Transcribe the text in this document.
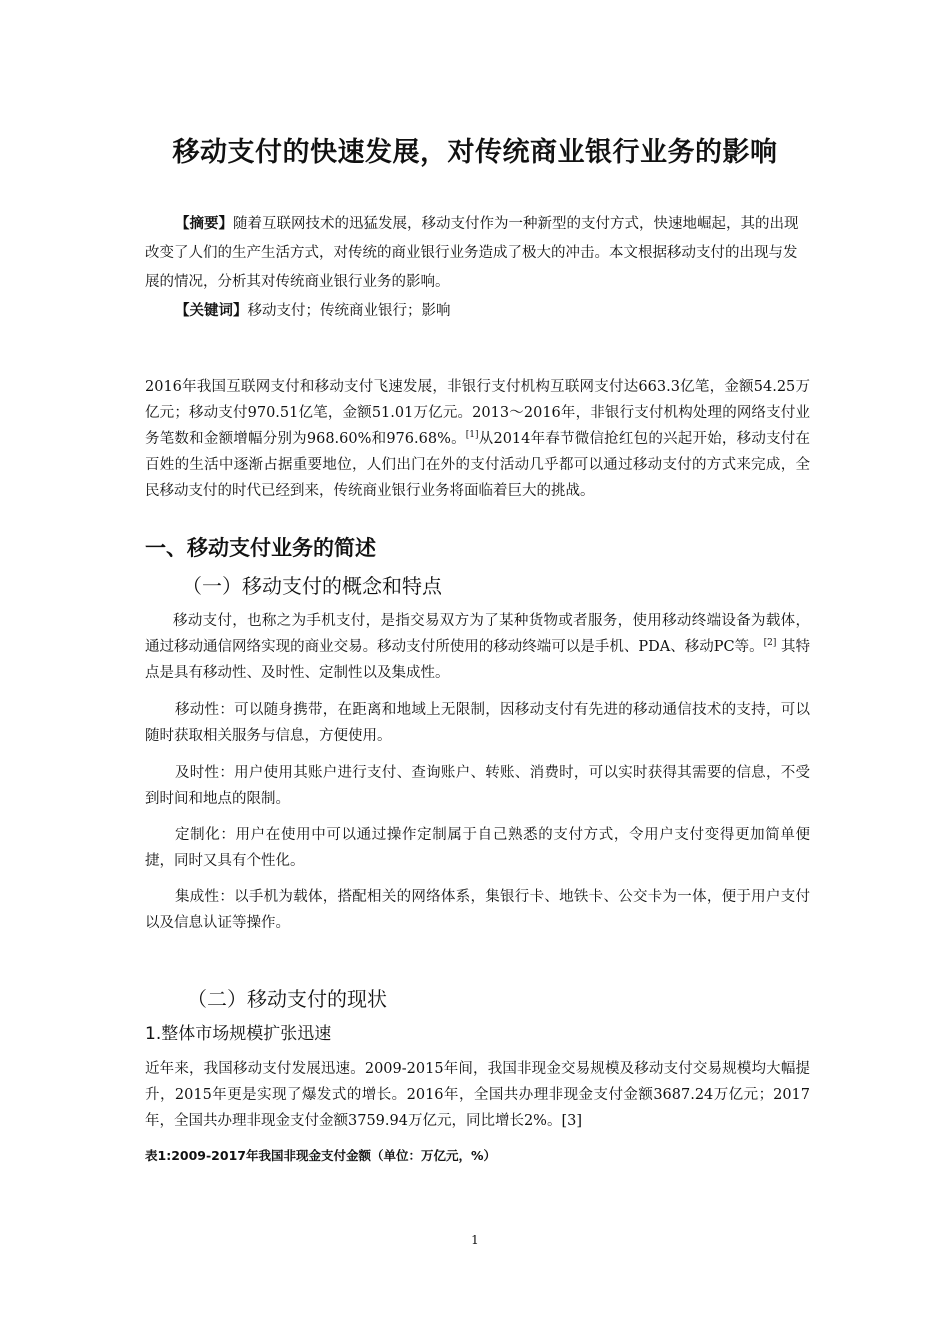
移动支付的快速发展，对传统商业银行业务的影响
【摘要】随着互联网技术的迅猛发展，移动支付作为一种新型的支付方式，快速地崛起，其的出现改变了人们的生产生活方式，对传统的商业银行业务造成了极大的冲击。本文根据移动支付的出现与发展的情况，分析其对传统商业银行业务的影响。
【关键词】移动支付；传统商业银行；影响
2016年我国互联网支付和移动支付飞速发展，非银行支付机构互联网支付达663.3亿笔，金额54.25万亿元；移动支付970.51亿笔，金额51.01万亿元。2013～2016年，非银行支付机构处理的网络支付业务笔数和金额增幅分别为968.60%和976.68%。[1]从2014年春节微信抢红包的兴起开始，移动支付在百姓的生活中逐渐占据重要地位，人们出门在外的支付活动几乎都可以通过移动支付的方式来完成，全民移动支付的时代已经到来，传统商业银行业务将面临着巨大的挑战。
一、移动支付业务的简述
（一）移动支付的概念和特点
移动支付，也称之为手机支付，是指交易双方为了某种货物或者服务，使用移动终端设备为载体，通过移动通信网络实现的商业交易。移动支付所使用的移动终端可以是手机、PDA、移动PC等。[2] 其特点是具有移动性、及时性、定制性以及集成性。
移动性：可以随身携带，在距离和地域上无限制，因移动支付有先进的移动通信技术的支持，可以随时获取相关服务与信息，方便使用。
及时性：用户使用其账户进行支付、查询账户、转账、消费时，可以实时获得其需要的信息，不受到时间和地点的限制。
定制化：用户在使用中可以通过操作定制属于自己熟悉的支付方式，令用户支付变得更加简单便捷，同时又具有个性化。
集成性：以手机为载体，搭配相关的网络体系，集银行卡、地铁卡、公交卡为一体，便于用户支付以及信息认证等操作。
（二）移动支付的现状
1.整体市场规模扩张迅速
近年来，我国移动支付发展迅速。2009-2015年间，我国非现金交易规模及移动支付交易规模均大幅提升，2015年更是实现了爆发式的增长。2016年，全国共办理非现金支付金额3687.24万亿元；2017年，全国共办理非现金支付金额3759.94万亿元，同比增长2%。[3]
表1:2009-2017年我国非现金支付金额（单位：万亿元，%）
1
